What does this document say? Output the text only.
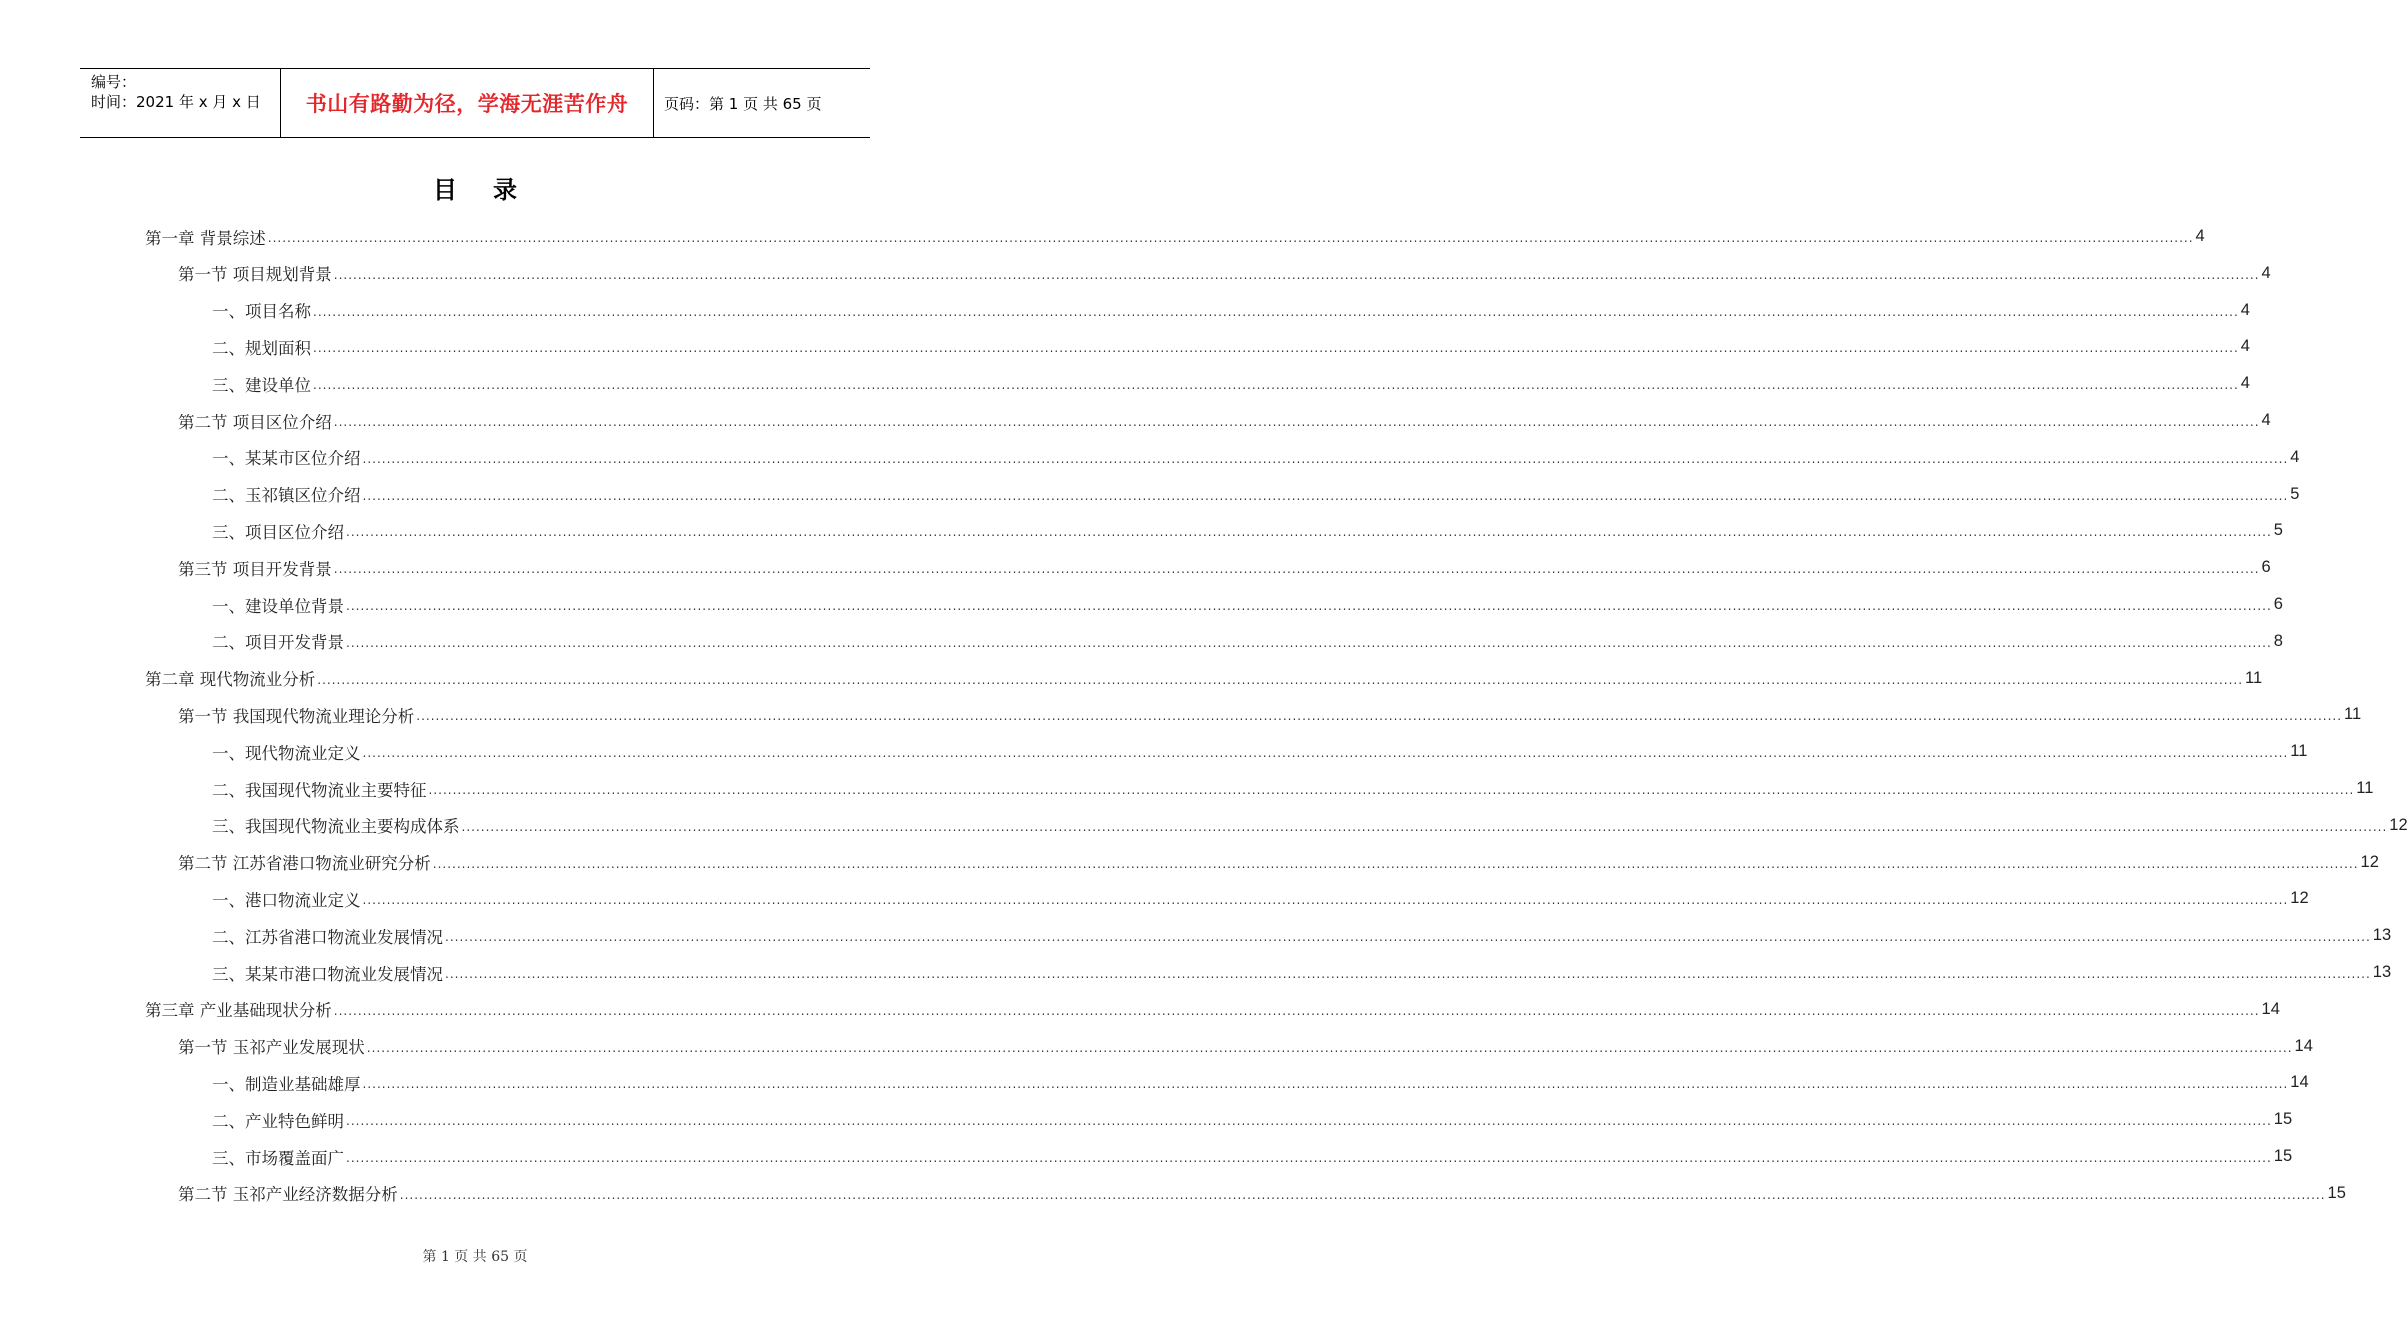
编号：
时间：2021 年 x 月 x 日	书山有路勤为径，学海无涯苦作舟	页码：第 1 页 共 65 页
目录
第一章 背景综述 ................................................................................................................................................................................................................................................................................................................................................................................................................ 4
第一节 项目规划背景 ................................................................................................................................................................................................................................................................................................................................................................................................................ 4
一、项目名称 ................................................................................................................................................................................................................................................................................................................................................................................................................ 4
二、规划面积 ................................................................................................................................................................................................................................................................................................................................................................................................................ 4
三、建设单位 ................................................................................................................................................................................................................................................................................................................................................................................................................ 4
第二节 项目区位介绍 ................................................................................................................................................................................................................................................................................................................................................................................................................ 4
一、某某市区位介绍 ................................................................................................................................................................................................................................................................................................................................................................................................................ 4
二、玉祁镇区位介绍 ................................................................................................................................................................................................................................................................................................................................................................................................................ 5
三、项目区位介绍 ................................................................................................................................................................................................................................................................................................................................................................................................................ 5
第三节 项目开发背景 ................................................................................................................................................................................................................................................................................................................................................................................................................ 6
一、建设单位背景 ................................................................................................................................................................................................................................................................................................................................................................................................................ 6
二、项目开发背景 ................................................................................................................................................................................................................................................................................................................................................................................................................ 8
第二章 现代物流业分析 ................................................................................................................................................................................................................................................................................................................................................................................................................ 11
第一节 我国现代物流业理论分析 ................................................................................................................................................................................................................................................................................................................................................................................................................ 11
一、现代物流业定义 ................................................................................................................................................................................................................................................................................................................................................................................................................ 11
二、我国现代物流业主要特征 ................................................................................................................................................................................................................................................................................................................................................................................................................ 11
三、我国现代物流业主要构成体系 ................................................................................................................................................................................................................................................................................................................................................................................................................ 12
第二节 江苏省港口物流业研究分析 ................................................................................................................................................................................................................................................................................................................................................................................................................ 12
一、港口物流业定义 ................................................................................................................................................................................................................................................................................................................................................................................................................ 12
二、江苏省港口物流业发展情况 ................................................................................................................................................................................................................................................................................................................................................................................................................ 13
三、某某市港口物流业发展情况 ................................................................................................................................................................................................................................................................................................................................................................................................................ 13
第三章 产业基础现状分析 ................................................................................................................................................................................................................................................................................................................................................................................................................ 14
第一节 玉祁产业发展现状 ................................................................................................................................................................................................................................................................................................................................................................................................................ 14
一、制造业基础雄厚 ................................................................................................................................................................................................................................................................................................................................................................................................................ 14
二、产业特色鲜明 ................................................................................................................................................................................................................................................................................................................................................................................................................ 15
三、市场覆盖面广 ................................................................................................................................................................................................................................................................................................................................................................................................................ 15
第二节 玉祁产业经济数据分析 ................................................................................................................................................................................................................................................................................................................................................................................................................ 15
第 1 页 共 65 页
